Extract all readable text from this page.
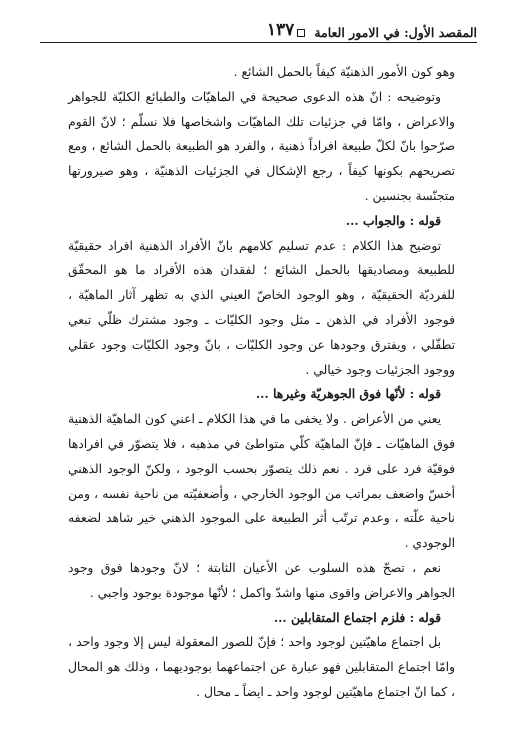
المقصد الأول: في الامور العامة
١٣٧

وهو كون الأمور الذهنيّة كيفاً بالحمل الشائع .

وتوضيحه : انّ هذه الدعوى صحيحة في الماهيّات والطبائع الكليّة للجواهر والاعراض ، وامّا في جزئيات تلك الماهيّات واشخاصها فلا نسلّم ؛ لانّ القوم صرّحوا بانّ لكلّ طبيعة افراداً ذهنية ، والفرد هو الطبيعة بالحمل الشائع ، ومع تصريحهم بكونها كيفاً ، رجع الإشكال في الجزئيات الذهنيّة ، وهو صيرورتها متجنّسة بجنسين .

قوله : والجواب ...

توضيح هذا الكلام : عدم تسليم كلامهم بانّ الأفراد الذهنية افراد حقيقيّة للطبيعة ومصاديقها بالحمل الشائع ؛ لفقدان هذه الأفراد ما هو المحقّق للفرديّة الحقيقيّة ، وهو الوجود الخاصّ العيني الذي به تظهر آثار الماهيّة ، فوجود الأفراد في الذهن ـ مثل وجود الكليّات ـ وجود مشترك ظلّي تبعي تطفّلي ، ويفترق وجودها عن وجود الكليّات ، بانّ وجود الكليّات وجود عقلي ووجود الجزئيات وجود خيالي .

قوله : لأنّها فوق الجوهريّة وغيرها ...

يعني من الأعراض . ولا يخفى ما في هذا الكلام ـ اعني كون الماهيّة الذهنية فوق الماهيّات ـ فإنّ الماهيّة كلّي متواطئ في مذهبه ، فلا يتصوّر في افرادها فوقيّة فرد على فرد . نعم ذلك يتصوّر بحسب الوجود ، ولكنّ الوجود الذهني أخسّ واضعف بمراتب من الوجود الخارجي ، وأضعفيّته من ناحية نفسه ، ومن ناحية علّته ، وعدم ترتّب أثر الطبيعة على الموجود الذهني خير شاهد لضعفه الوجودي .

نعم ، تصحّ هذه السلوب عن الأعيان الثابتة ؛ لانّ وجودها فوق وجود الجواهر والاعراض واقوى منها واشدّ واكمل ؛ لأنّها موجودة بوجود واجبي .

قوله : فلزم اجتماع المتقابلين ...

بل اجتماع ماهيّتين لوجود واحد ؛ فإنّ للصور المعقولة ليس إلا وجود واحد ، وامّا اجتماع المتقابلين فهو عبارة عن اجتماعهما بوجوديهما ، وذلك هو المحال ، كما انّ اجتماع ماهيّتين لوجود واحد ـ ايضاً ـ محال .
